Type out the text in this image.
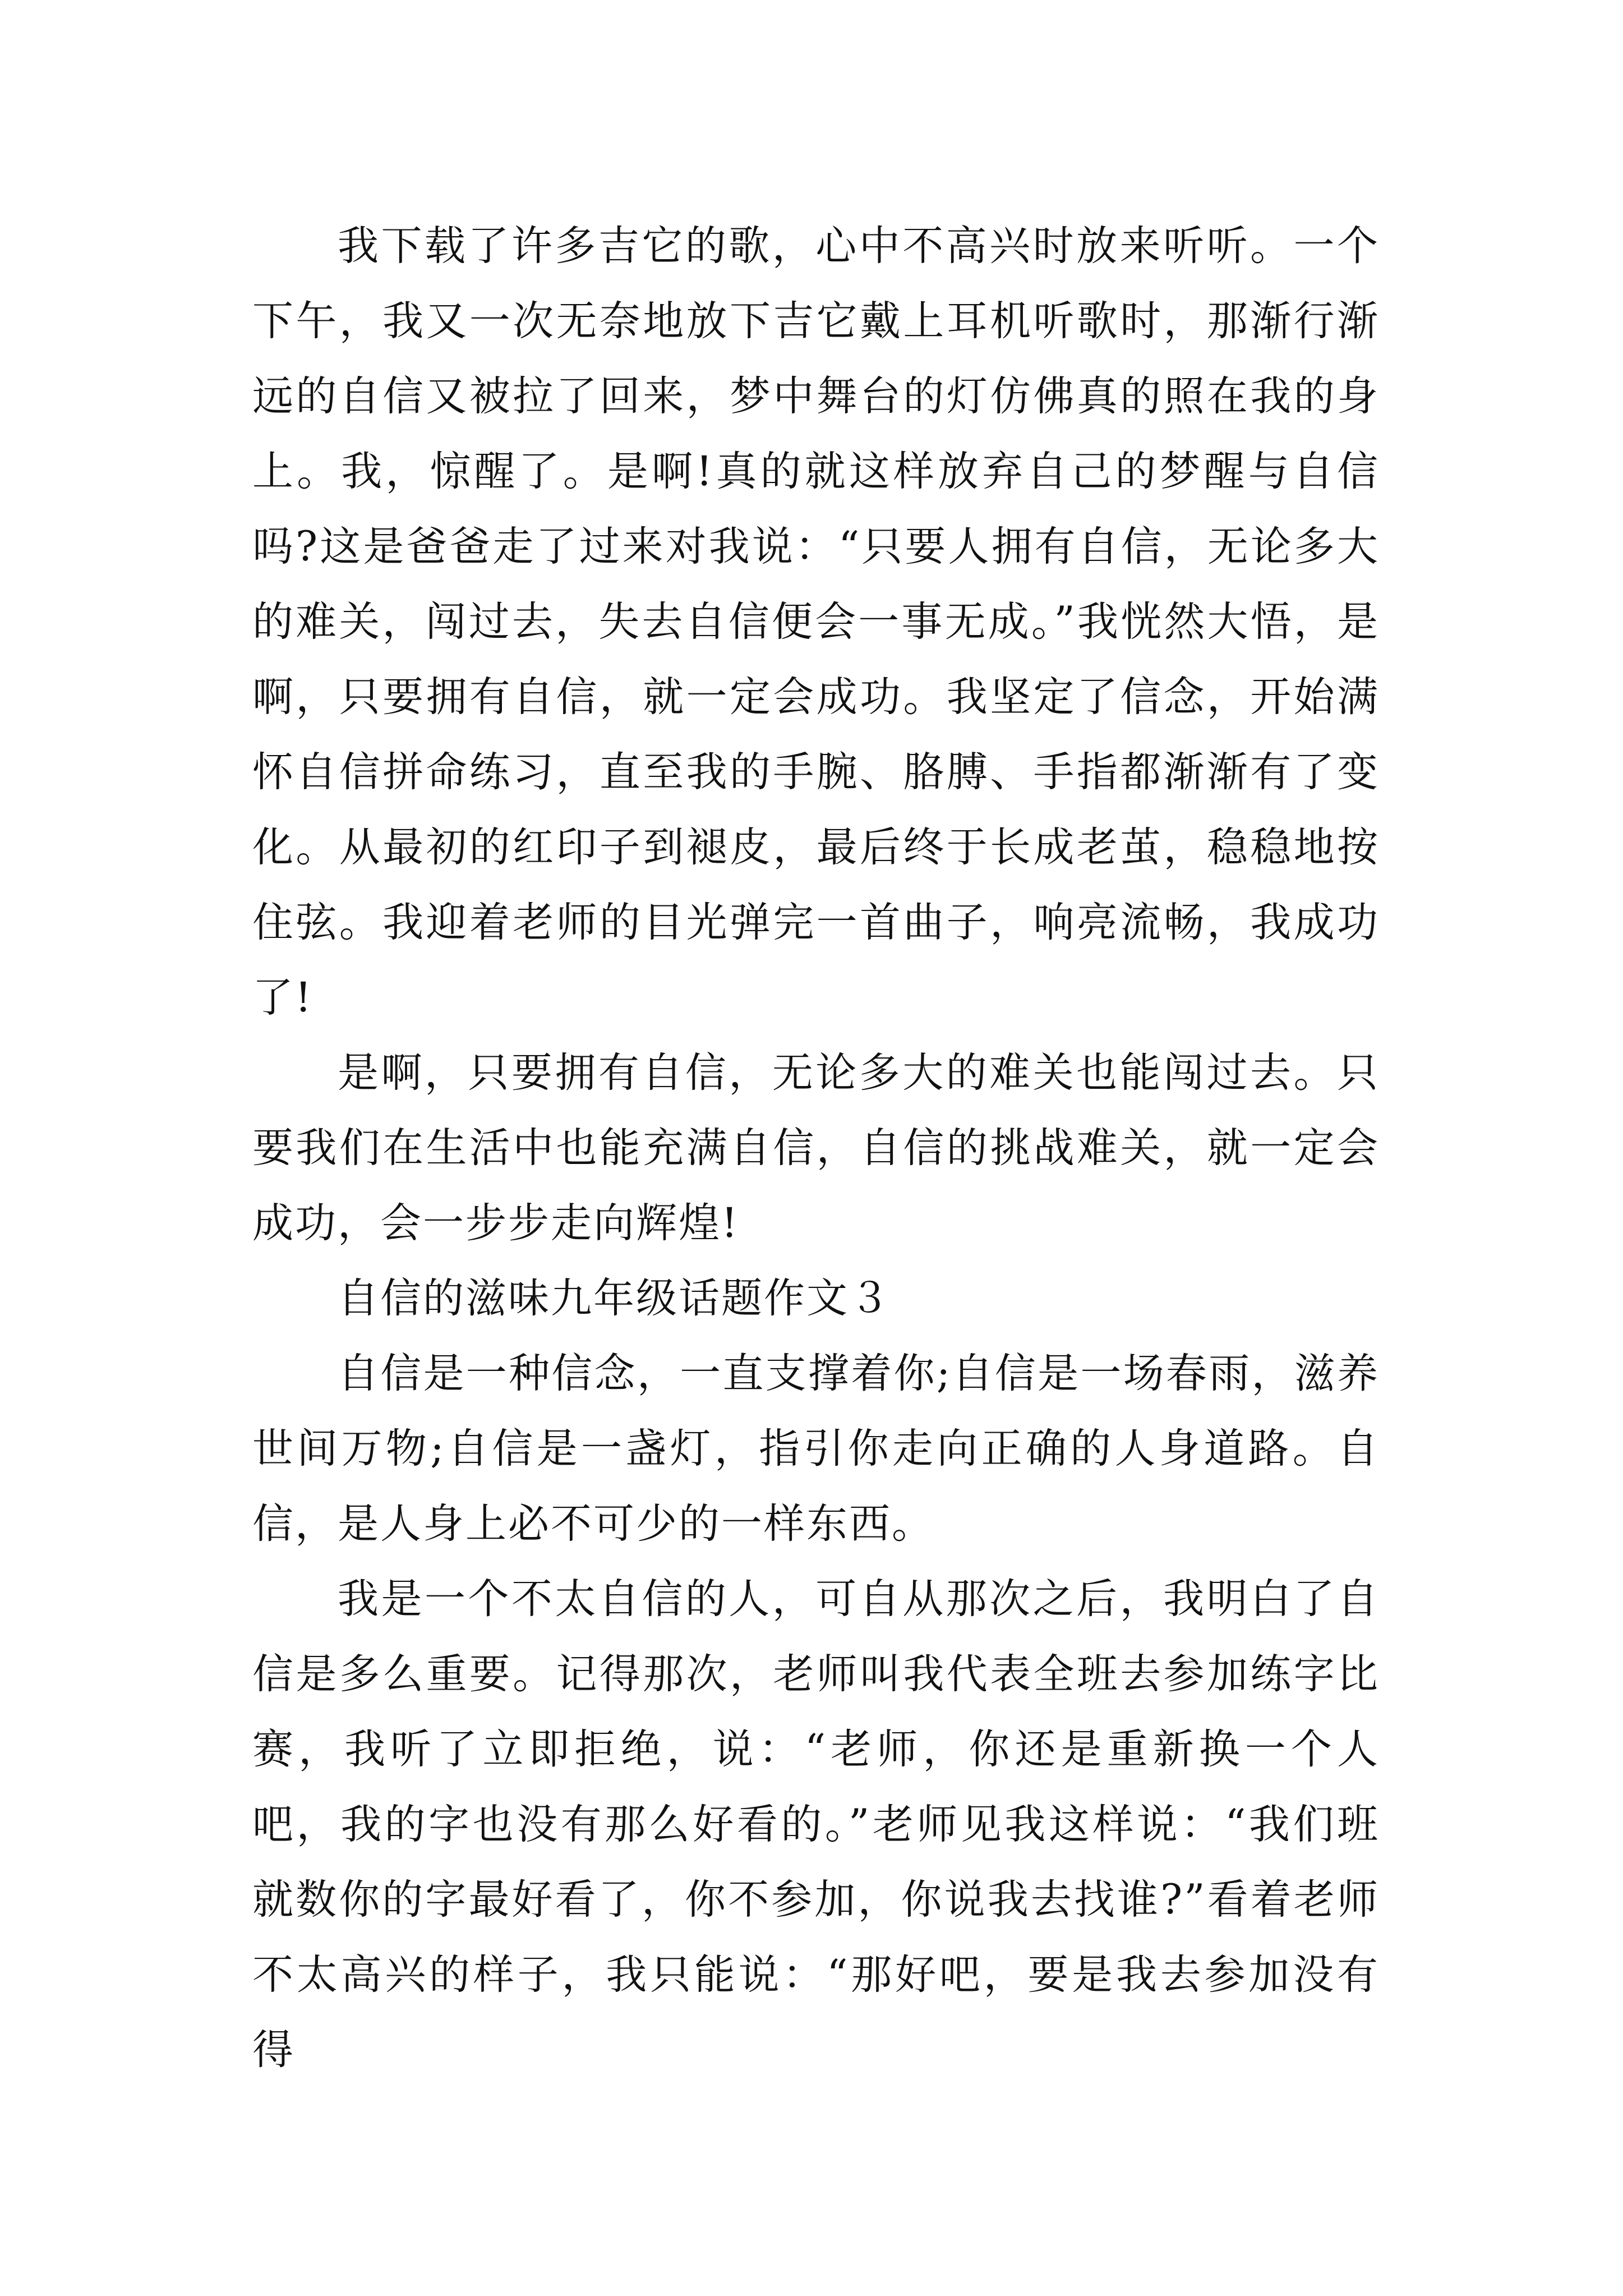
我下载了许多吉它的歌，心中不高兴时放来听听。一个下午，我又一次无奈地放下吉它戴上耳机听歌时，那渐行渐远的自信又被拉了回来，梦中舞台的灯仿佛真的照在我的身上。我，惊醒了。是啊!真的就这样放弃自己的梦醒与自信吗?这是爸爸走了过来对我说：“只要人拥有自信，无论多大的难关，闯过去，失去自信便会一事无成。”我恍然大悟，是啊，只要拥有自信，就一定会成功。我坚定了信念，开始满怀自信拼命练习，直至我的手腕、胳膊、手指都渐渐有了变化。从最初的红印子到褪皮，最后终于长成老茧，稳稳地按住弦。我迎着老师的目光弹完一首曲子，响亮流畅，我成功了!

是啊，只要拥有自信，无论多大的难关也能闯过去。只要我们在生活中也能充满自信，自信的挑战难关，就一定会成功，会一步步走向辉煌!

自信的滋味九年级话题作文３

自信是一种信念，一直支撑着你;自信是一场春雨，滋养世间万物;自信是一盏灯，指引你走向正确的人身道路。自信，是人身上必不可少的一样东西。

我是一个不太自信的人，可自从那次之后，我明白了自信是多么重要。记得那次，老师叫我代表全班去参加练字比赛，我听了立即拒绝，说：“老师，你还是重新换一个人吧，我的字也没有那么好看的。”老师见我这样说：“我们班就数你的字最好看了，你不参加，你说我去找谁?”看着老师不太高兴的样子，我只能说：“那好吧，要是我去参加没有得
